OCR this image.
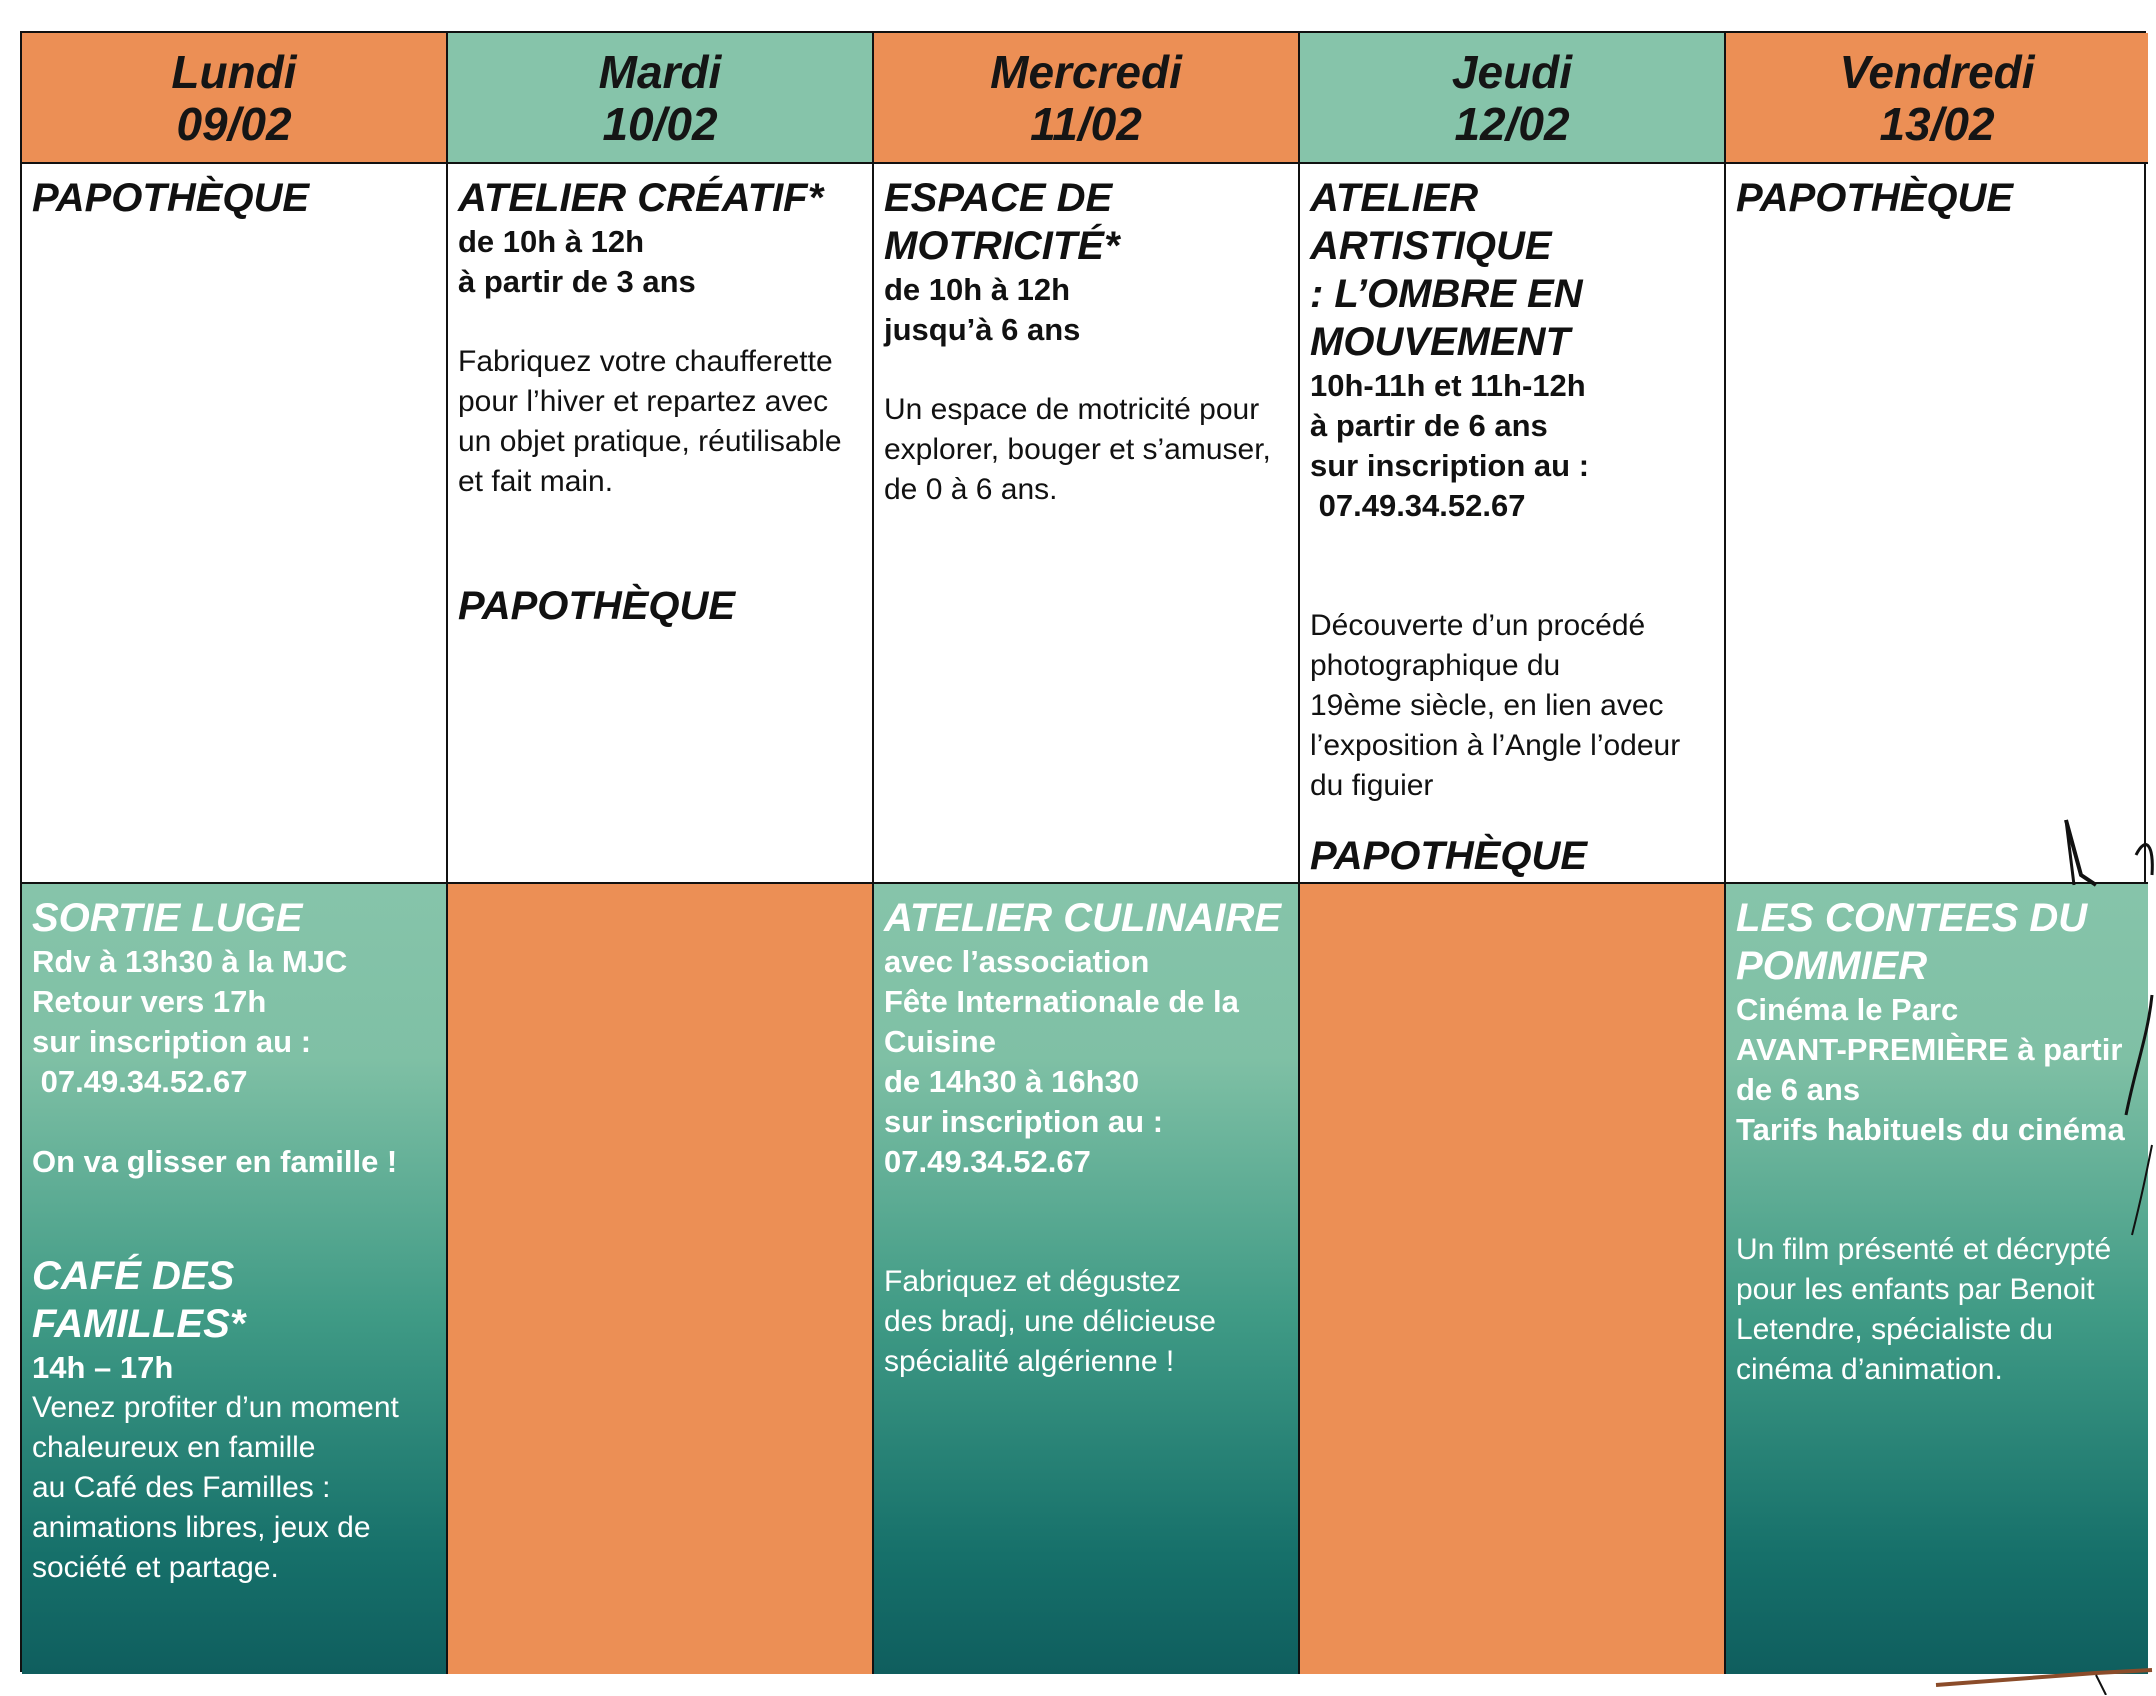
Lundi
09/02
Mardi
10/02
Mercredi
11/02
Jeudi
12/02
Vendredi
13/02
PAPOTHÈQUE	ATELIER CRÉATIF*
de 10h à 12h
à partir de 3 ans
Fabriquez votre chaufferette
pour l’hiver et repartez avec
un objet pratique, réutilisable
et fait main.
PAPOTHÈQUE
ESPACE DE
MOTRICITÉ*
de 10h à 12h
jusqu’à 6 ans
Un espace de motricité pour
explorer, bouger et s’amuser,
de 0 à 6 ans.
ATELIER ARTISTIQUE
: L’OMBRE EN
MOUVEMENT
10h-11h et 11h-12h
à partir de 6 ans
sur inscription au :
07.49.34.52.67
Découverte d’un procédé
photographique du
19ème siècle, en lien avec
l’exposition à l’Angle l’odeur
du figuier
PAPOTHÈQUE
PAPOTHÈQUE
SORTIE LUGE
Rdv à 13h30 à la MJC
Retour vers 17h
sur inscription au :
07.49.34.52.67
On va glisser en famille !
CAFÉ DES
FAMILLES*
14h – 17h
Venez profiter d’un moment
chaleureux en famille
au Café des Familles :
animations libres, jeux de
société et partage.
ATELIER CULINAIRE
avec l’association
Fête Internationale de la
Cuisine
de 14h30 à 16h30
sur inscription au :
07.49.34.52.67
Fabriquez et dégustez
des bradj, une délicieuse
spécialité algérienne !
LES CONTEES DU
POMMIER
Cinéma le Parc
AVANT-PREMIÈRE à partir
de 6 ans
Tarifs habituels du cinéma
Un film présenté et décrypté
pour les enfants par Benoit
Letendre, spécialiste du
cinéma d’animation.
